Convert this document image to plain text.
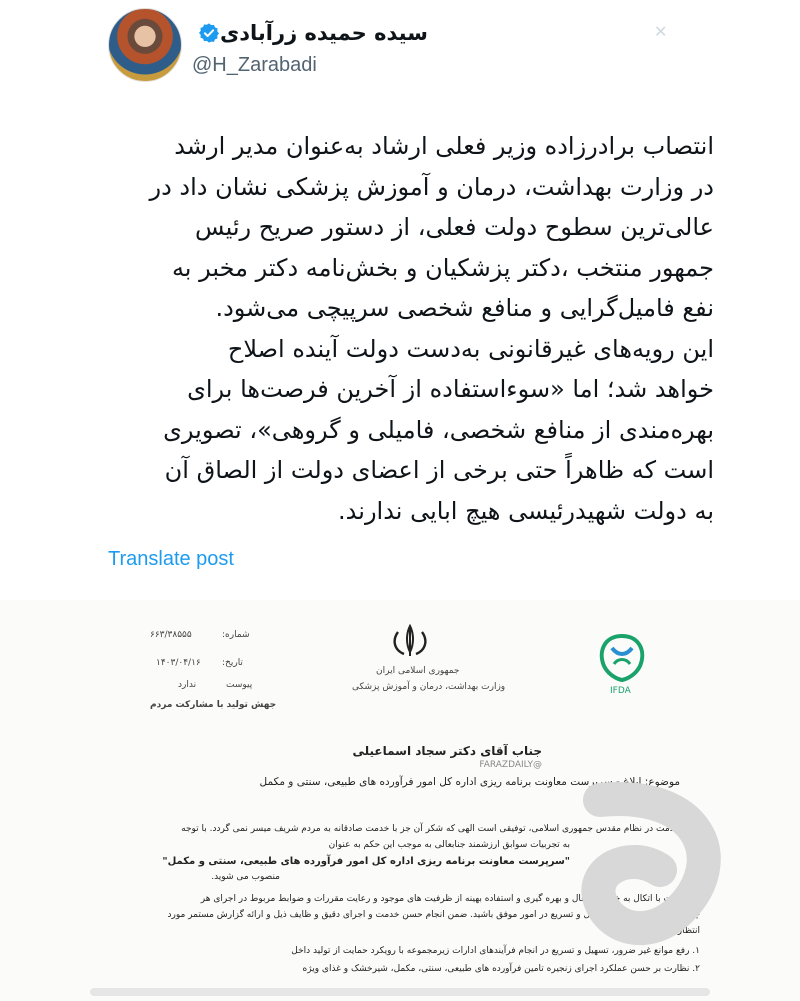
سیده حمیده زرآبادی
@H_Zarabadi
✕
انتصاب برادرزاده وزیر فعلی ارشاد به‌عنوان مدیر ارشد
در وزارت بهداشت، درمان و آموزش پزشکی نشان داد در
عالی‌ترین سطوح دولت فعلی، از دستور صریح رئیس
جمهور منتخب ،دکتر پزشکیان و بخش‌نامه دکتر مخبر به
نفع فامیل‌گرایی و منافع شخصی سرپیچی می‌شود.
این رویه‌های غیرقانونی به‌دست دولت آینده اصلاح
خواهد شد؛ اما «سوءاستفاده از آخرین فرصت‌ها برای
بهره‌مندی از منافع شخصی، فامیلی و گروهی»، تصویری
است که ظاهراً حتی برخی از اعضای دولت از الصاق آن
به دولت شهیدرئیسی هیچ ابایی ندارند.
Translate post
۶۶۳/۳۸۵۵۵	شماره:
۱۴۰۳/۰۴/۱۶ تاریخ:
ندارد	پیوست
جهش تولید با مشارکت مردم
جمهوری اسلامی ایران
وزارت بهداشت، درمان و آموزش پزشکی	IFDA
جناب آقای دکتر سجاد اسماعیلی
@FARAZDAILY
موضوع: ابلاغ - سرپرست معاونت برنامه ریزی اداره کل امور فرآورده های طبیعی، سنتی و مکمل
با سلام و احترام؛
خدمت در نظام مقدس جمهوری اسلامی، توفیقی است الهی که شکر آن جز با خدمت صادقانه به مردم شریف میسر نمی گردد. با توجه
به تجربیات سوابق ارزشمند جنابعالی به موجب این حکم به عنوان
"سرپرست معاونت برنامه ریزی اداره کل امور فرآورده های طبیعی، سنتی و مکمل"
منصوب می شوید.
امید است با اتکال به خداوند متعال و بهره گیری و استفاده بهینه از ظرفیت های موجود و رعایت مقررات و ضوابط مربوط در اجرای هر
چه بهتر وظایف محوله و تسهیل و تسریع در امور موفق باشید. ضمن انجام حسن خدمت و اجرای دقیق و ظایف ذیل و ارائه گزارش مستمر مورد
انتظار است.
۱. رفع موانع غیر ضرور، تسهیل و تسریع در انجام فرآیندهای ادارات زیرمجموعه با رویکرد حمایت از تولید داخل
۲. نظارت بر حسن عملکرد اجرای زنجیره تامین فرآورده های طبیعی، سنتی، مکمل، شیرخشک و غذای ویژه
